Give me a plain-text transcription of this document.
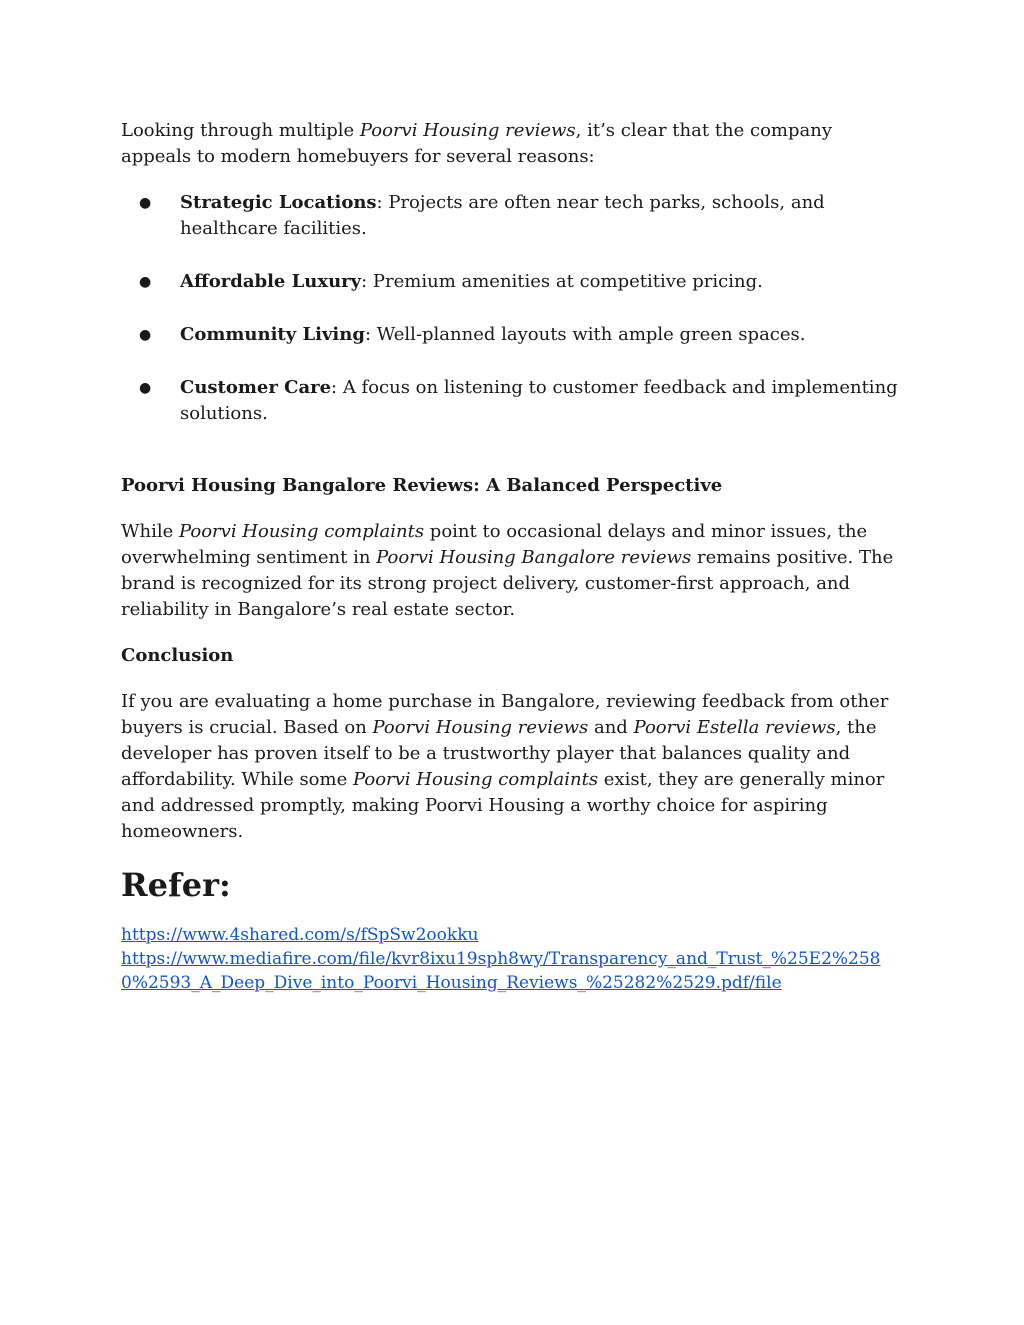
Looking through multiple Poorvi Housing reviews, it’s clear that the company appeals to modern homebuyers for several reasons:

● Strategic Locations: Projects are often near tech parks, schools, and healthcare facilities.
● Affordable Luxury: Premium amenities at competitive pricing.
● Community Living: Well-planned layouts with ample green spaces.
● Customer Care: A focus on listening to customer feedback and implementing solutions.
Poorvi Housing Bangalore Reviews: A Balanced Perspective

While Poorvi Housing complaints point to occasional delays and minor issues, the overwhelming sentiment in Poorvi Housing Bangalore reviews remains positive. The brand is recognized for its strong project delivery, customer-first approach, and reliability in Bangalore’s real estate sector.

Conclusion

If you are evaluating a home purchase in Bangalore, reviewing feedback from other buyers is crucial. Based on Poorvi Housing reviews and Poorvi Estella reviews, the developer has proven itself to be a trustworthy player that balances quality and affordability. While some Poorvi Housing complaints exist, they are generally minor and addressed promptly, making Poorvi Housing a worthy choice for aspiring homeowners.

Refer:
https://www.4shared.com/s/fSpSw2ookku
https://www.mediafire.com/file/kvr8ixu19sph8wy/Transparency_and_Trust_%25E2%2580%2593_A_Deep_Dive_into_Poorvi_Housing_Reviews_%25282%2529.pdf/file
